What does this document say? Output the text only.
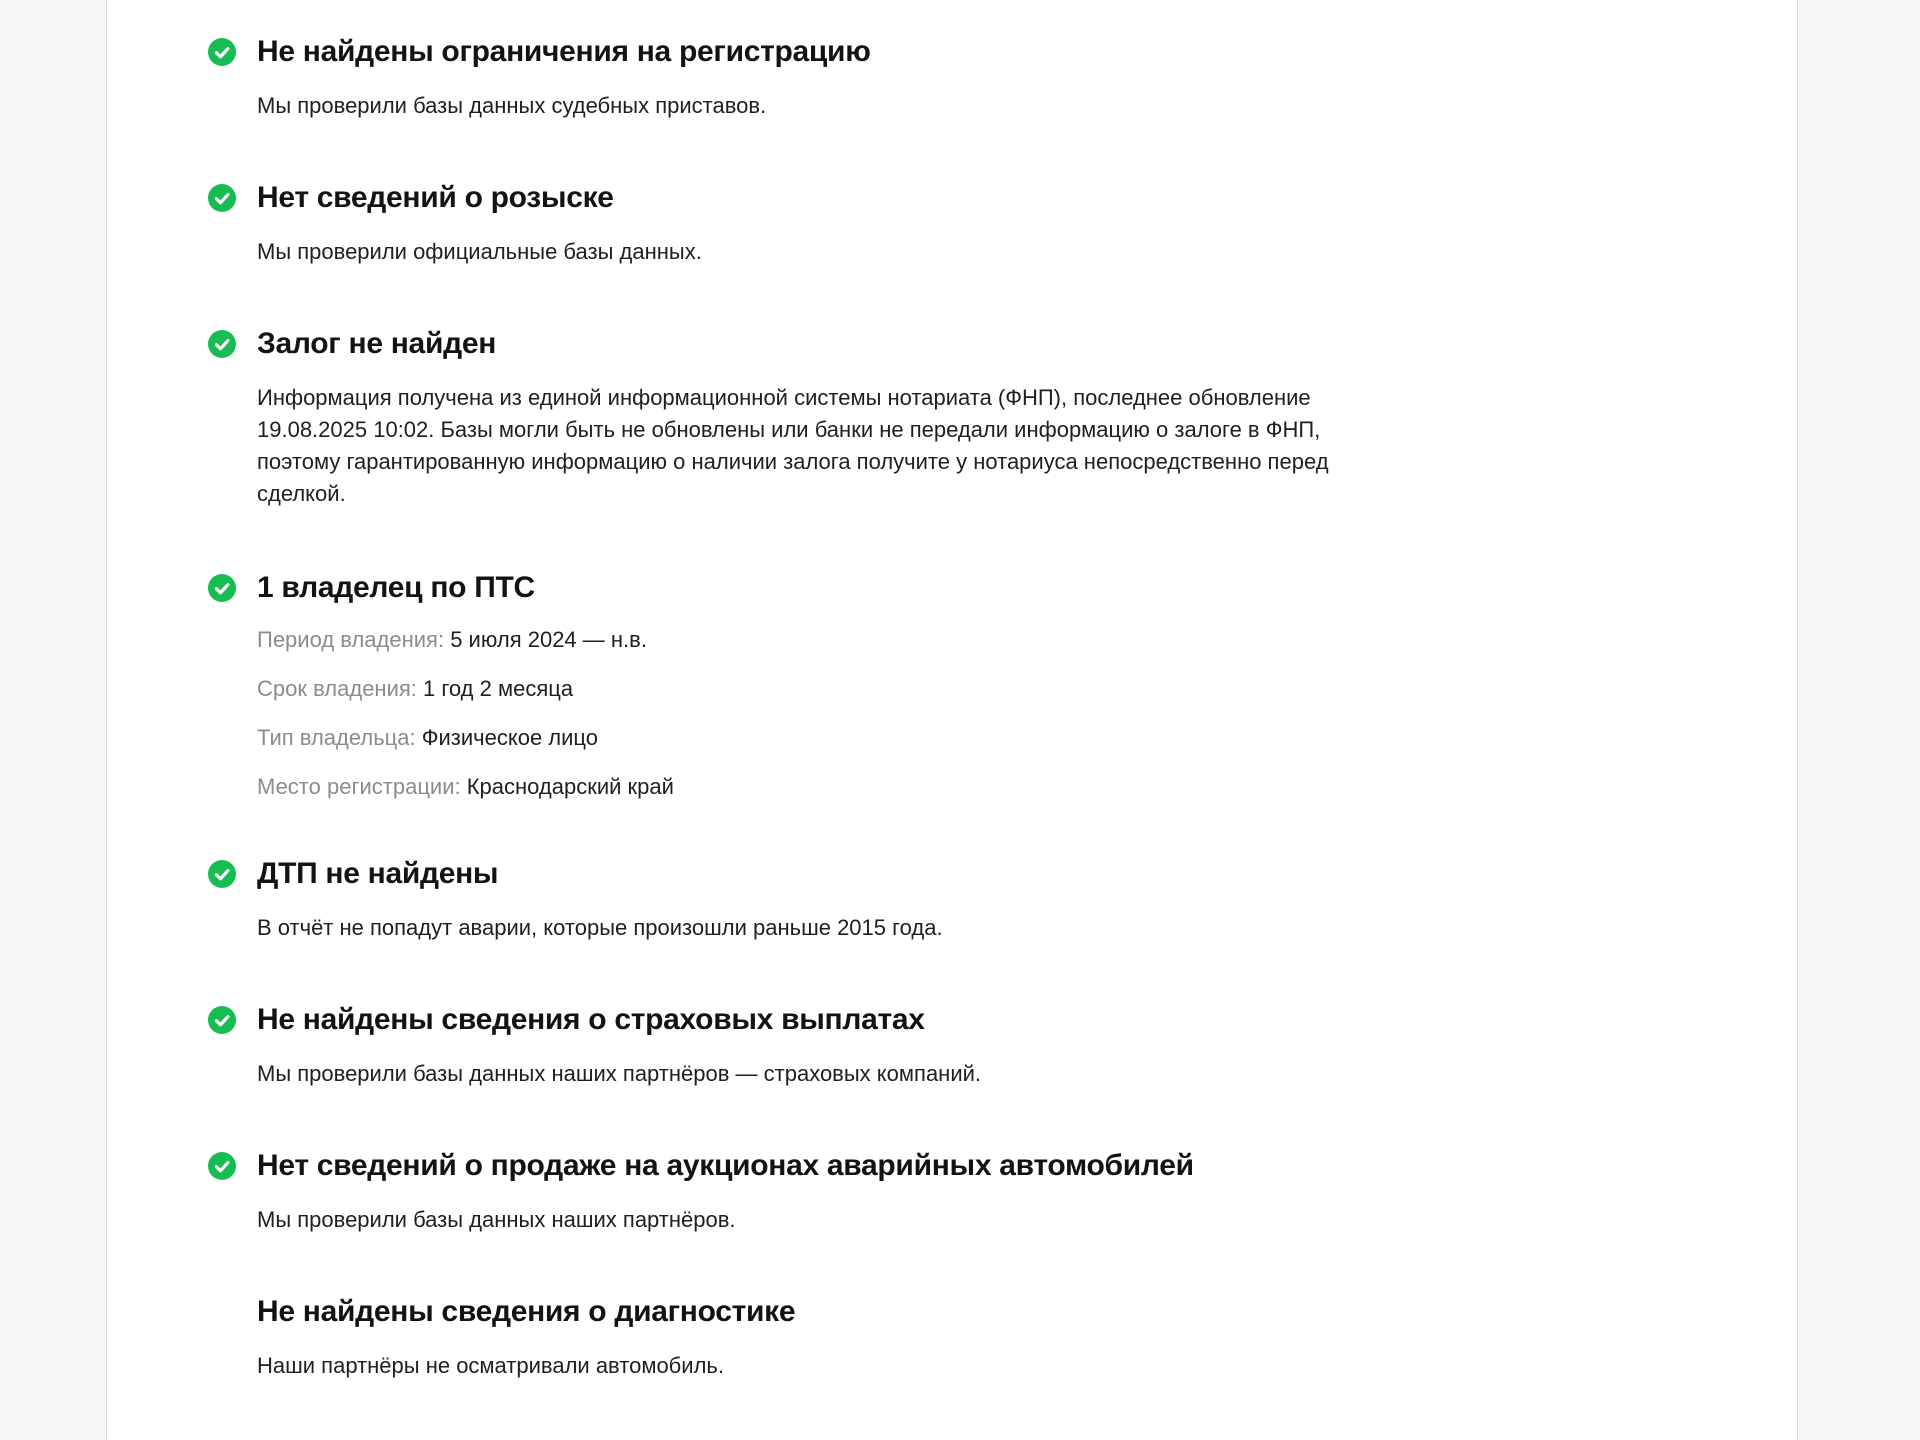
Не найдены ограничения на регистрацию

Мы проверили базы данных судебных приставов.

Нет сведений о розыске

Мы проверили официальные базы данных.

Залог не найден

Информация получена из единой информационной системы нотариата (ФНП), последнее обновление 19.08.2025 10:02. Базы могли быть не обновлены или банки не передали информацию о залоге в ФНП, поэтому гарантированную информацию о наличии залога получите у нотариуса непосредственно перед сделкой.

1 владелец по ПТС
Период владения: 5 июля 2024 — н.в.
Срок владения: 1 год 2 месяца
Тип владельца: Физическое лицо
Место регистрации: Краснодарский край
ДТП не найдены

В отчёт не попадут аварии, которые произошли раньше 2015 года.

Не найдены сведения о страховых выплатах

Мы проверили базы данных наших партнёров — страховых компаний.

Нет сведений о продаже на аукционах аварийных автомобилей

Мы проверили базы данных наших партнёров.

Не найдены сведения о диагностике

Наши партнёры не осматривали автомобиль.
